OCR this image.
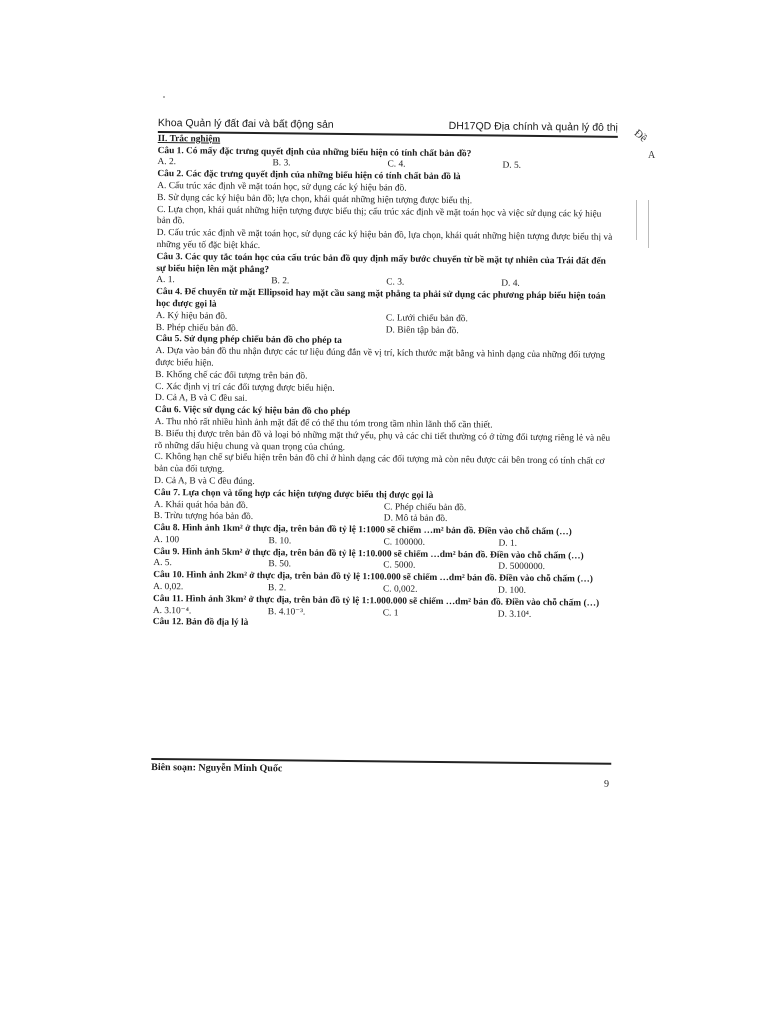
Đề
A
Khoa Quản lý đất đai và bất động sản	DH17QD Địa chính và quản lý đô thị
II. Trắc nghiệm
Câu 1. Có mấy đặc trưng quyết định của những biểu hiện có tính chất bản đồ?
A. 2.	B. 3.	C. 4.	D. 5.
Câu 2. Các đặc trưng quyết định của những biểu hiện có tính chất bản đồ là
A. Cấu trúc xác định về mặt toán học, sử dụng các ký hiệu bản đồ.
B. Sử dụng các ký hiệu bản đồ; lựa chọn, khái quát những hiện tượng được biểu thị.
C. Lựa chọn, khái quát những hiện tượng được biểu thị; cấu trúc xác định về mặt toán học và việc sử dụng các ký hiệu bản đồ.
D. Cấu trúc xác định về mặt toán học, sử dụng các ký hiệu bản đồ, lựa chọn, khái quát những hiện tượng được biểu thị và những yếu tố đặc biệt khác.
Câu 3. Các quy tắc toán học của cấu trúc bản đồ quy định mấy bước chuyển từ bề mặt tự nhiên của Trái đất đến sự biểu hiện lên mặt phẳng?
A. 1.	B. 2.	C. 3.	D. 4.
Câu 4. Để chuyển từ mặt Ellipsoid hay mặt cầu sang mặt phẳng ta phải sử dụng các phương pháp biểu hiện toán học được gọi là
A. Ký hiệu bản đồ.	C. Lưới chiếu bản đồ.
B. Phép chiếu bản đồ.	D. Biên tập bản đồ.
Câu 5. Sử dụng phép chiếu bản đồ cho phép ta
A. Dựa vào bản đồ thu nhận được các tư liệu đúng đắn về vị trí, kích thước mặt bằng và hình dạng của những đối tượng được biểu hiện.
B. Khống chế các đối tượng trên bản đồ.
C. Xác định vị trí các đối tượng được biểu hiện.
D. Cả A, B và C đều sai.
Câu 6. Việc sử dụng các ký hiệu bản đồ cho phép
A. Thu nhỏ rất nhiều hình ảnh mặt đất để có thể thu tóm trong tầm nhìn lãnh thổ cần thiết.
B. Biểu thị được trên bản đồ và loại bỏ những mặt thứ yếu, phụ và các chi tiết thường có ở từng đối tượng riêng lẻ và nêu rõ những dấu hiệu chung và quan trọng của chúng.
C. Không hạn chế sự biểu hiện trên bản đồ chỉ ở hình dạng các đối tượng mà còn nêu được cái bên trong có tính chất cơ bản của đối tượng.
D. Cả A, B và C đều đúng.
Câu 7. Lựa chọn và tổng hợp các hiện tượng được biểu thị được gọi là
A. Khái quát hóa bản đồ.	C. Phép chiếu bản đồ.
B. Trừu tượng hóa bản đồ.	D. Mô tả bản đồ.
Câu 8. Hình ảnh 1km² ở thực địa, trên bản đồ tỷ lệ 1:1000 sẽ chiếm …m² bản đồ. Điền vào chỗ chấm (…)
A. 100	B. 10.	C. 100000.	D. 1.
Câu 9. Hình ảnh 5km² ở thực địa, trên bản đồ tỷ lệ 1:10.000 sẽ chiếm …dm² bản đồ. Điền vào chỗ chấm (…)
A. 5.	B. 50.	C. 5000.	D. 5000000.
Câu 10. Hình ảnh 2km² ở thực địa, trên bản đồ tỷ lệ 1:100.000 sẽ chiếm …dm² bản đồ. Điền vào chỗ chấm (…)
A. 0,02.	B. 2.	C. 0,002.	D. 100.
Câu 11. Hình ảnh 3km² ở thực địa, trên bản đồ tỷ lệ 1:1.000.000 sẽ chiếm …dm² bản đồ. Điền vào chỗ chấm (…)
A. 3.10⁻⁴.	B. 4.10⁻³.	C. 1	D. 3.10⁴.
Câu 12. Bản đồ địa lý là
Biên soạn: Nguyễn Minh Quốc
9
